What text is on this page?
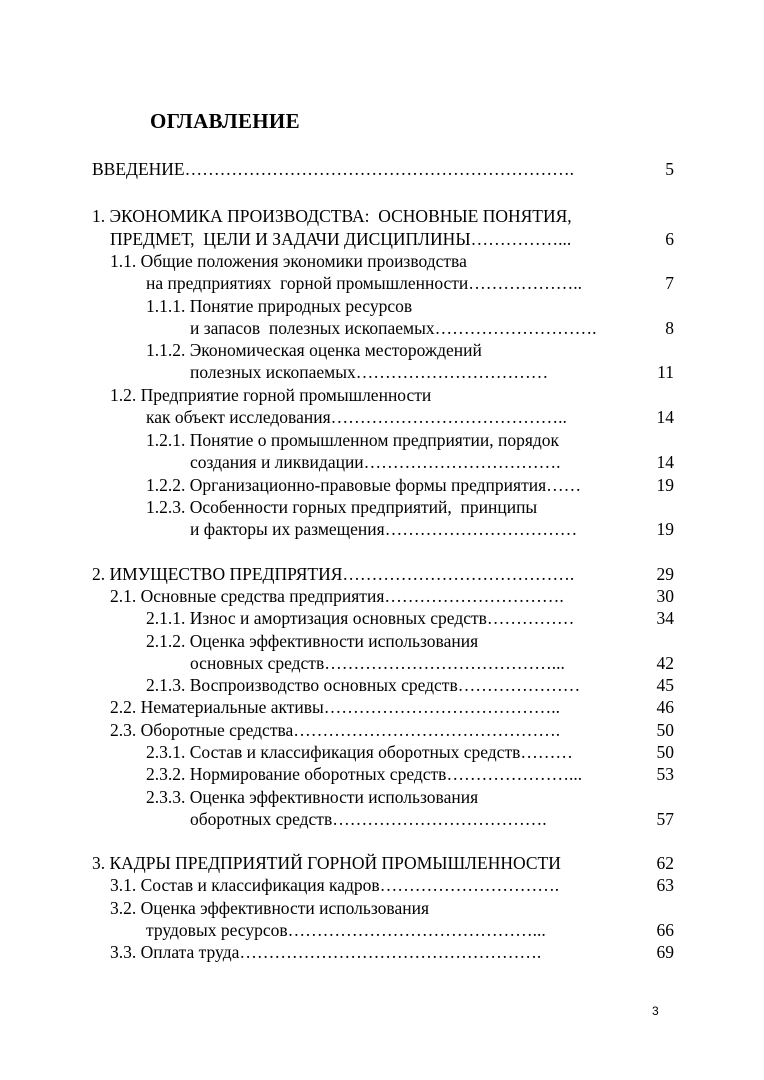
ОГЛАВЛЕНИЕ
ВВЕДЕНИЕ………………………………………………………….	5
1. ЭКОНОМИКА ПРОИЗВОДСТВА:  ОСНОВНЫЕ ПОНЯТИЯ,
ПРЕДМЕТ,  ЦЕЛИ И ЗАДАЧИ ДИСЦИПЛИНЫ……………...	6
1.1. Общие положения экономики производства
на предприятиях  горной промышленности………………..	7
1.1.1. Понятие природных ресурсов
и запасов  полезных ископаемых……………………….	8
1.1.2. Экономическая оценка месторождений
полезных ископаемых……………………………	11
1.2. Предприятие горной промышленности
как объект исследования…………………………………..	14
1.2.1. Понятие о промышленном предприятии, порядок
создания и ликвидации…………………………….	14
1.2.2. Организационно-правовые формы предприятия……	19
1.2.3. Особенности горных предприятий,  принципы
и факторы их размещения……………………………	19
2. ИМУЩЕСТВО ПРЕДПРЯТИЯ………………………………….	29
2.1. Основные средства предприятия………………………….	30
2.1.1. Износ и амортизация основных средств……………	34
2.1.2. Оценка эффективности использования
основных средств…………………………………...	42
2.1.3. Воспроизводство основных средств…………………	45
2.2. Нематериальные активы…………………………………..	46
2.3. Оборотные средства……………………………………….	50
2.3.1. Состав и классификация оборотных средств………	50
2.3.2. Нормирование оборотных средств…………………...	53
2.3.3. Оценка эффективности использования
оборотных средств……………………………….	57
3. КАДРЫ ПРЕДПРИЯТИЙ ГОРНОЙ ПРОМЫШЛЕННОСТИ	62
3.1. Состав и классификация кадров………………………….	63
3.2. Оценка эффективности использования
трудовых ресурсов……………………………………...	66
3.3. Оплата труда…………………………………………….	69
3
